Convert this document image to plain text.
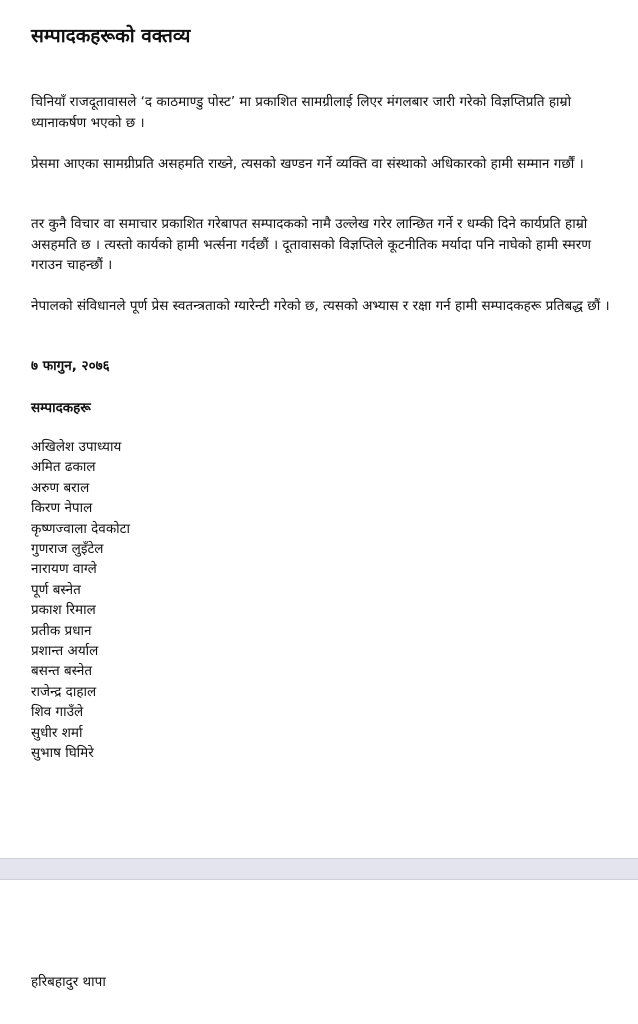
सम्पादकहरूको वक्तव्य

चिनियाँ राजदूतावासले ‘द काठमाण्डु पोस्ट’ मा प्रकाशित सामग्रीलाई लिएर मंगलबार जारी गरेको विज्ञप्तिप्रति हाम्रो ध्यानाकर्षण भएको छ ।

प्रेसमा आएका सामग्रीप्रति असहमति राख्ने, त्यसको खण्डन गर्ने व्यक्ति वा संस्थाको अधिकारको हामी सम्मान गर्छौं ।

तर कुनै विचार वा समाचार प्रकाशित गरेबापत सम्पादकको नामै उल्लेख गरेर लान्छित गर्ने र धम्की दिने कार्यप्रति हाम्रो असहमति छ । त्यस्तो कार्यको हामी भर्त्सना गर्दछौं । दूतावासको विज्ञप्तिले कूटनीतिक मर्यादा पनि नाघेको हामी स्मरण गराउन चाहन्छौं ।

नेपालको संविधानले पूर्ण प्रेस स्वतन्त्रताको ग्यारेन्टी गरेको छ, त्यसको अभ्यास र रक्षा गर्न हामी सम्पादकहरू प्रतिबद्ध छौं ।

७ फागुन, २०७६

सम्पादकहरू

अखिलेश उपाध्याय
अमित ढकाल
अरुण बराल
किरण नेपाल
कृष्णज्वाला देवकोटा
गुणराज लुइँटेल
नारायण वाग्ले
पूर्ण बस्नेत
प्रकाश रिमाल
प्रतीक प्रधान
प्रशान्त अर्याल
बसन्त बस्नेत
राजेन्द्र दाहाल
शिव गाउँले
सुधीर शर्मा
सुभाष घिमिरे

हरिबहादुर थापा
